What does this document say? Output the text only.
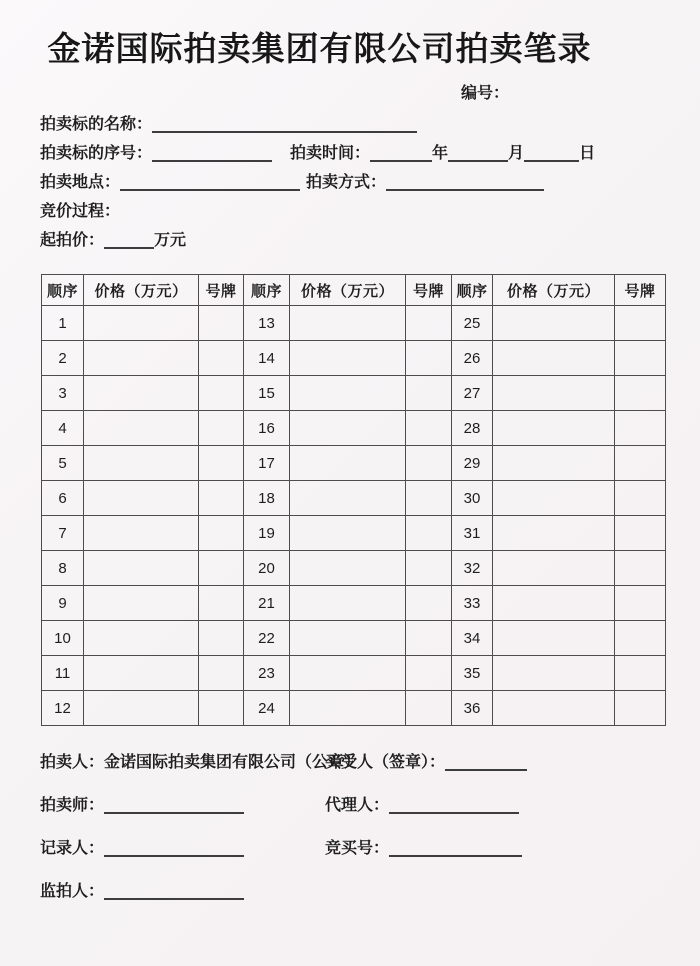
金诺国际拍卖集团有限公司拍卖笔录
编号：
拍卖标的名称：
拍卖标的序号：	拍卖时间：	年	月	日
拍卖地点：	拍卖方式：
竞价过程：
起拍价：	万元
顺序	价格（万元）	号牌	顺序	价格（万元）	号牌	顺序	价格（万元）	号牌
1			13			25		
2			14			26		
3			15			27		
4			16			28		
5			17			29		
6			18			30		
7			19			31		
8			20			32		
9			21			33		
10			22			34		
11			23			35		
12			24			36		
拍卖人： 金诺国际拍卖集团有限公司（公章）
买受人（签章）：
拍卖师：	代理人：
记录人：	竞买号：
监拍人：
